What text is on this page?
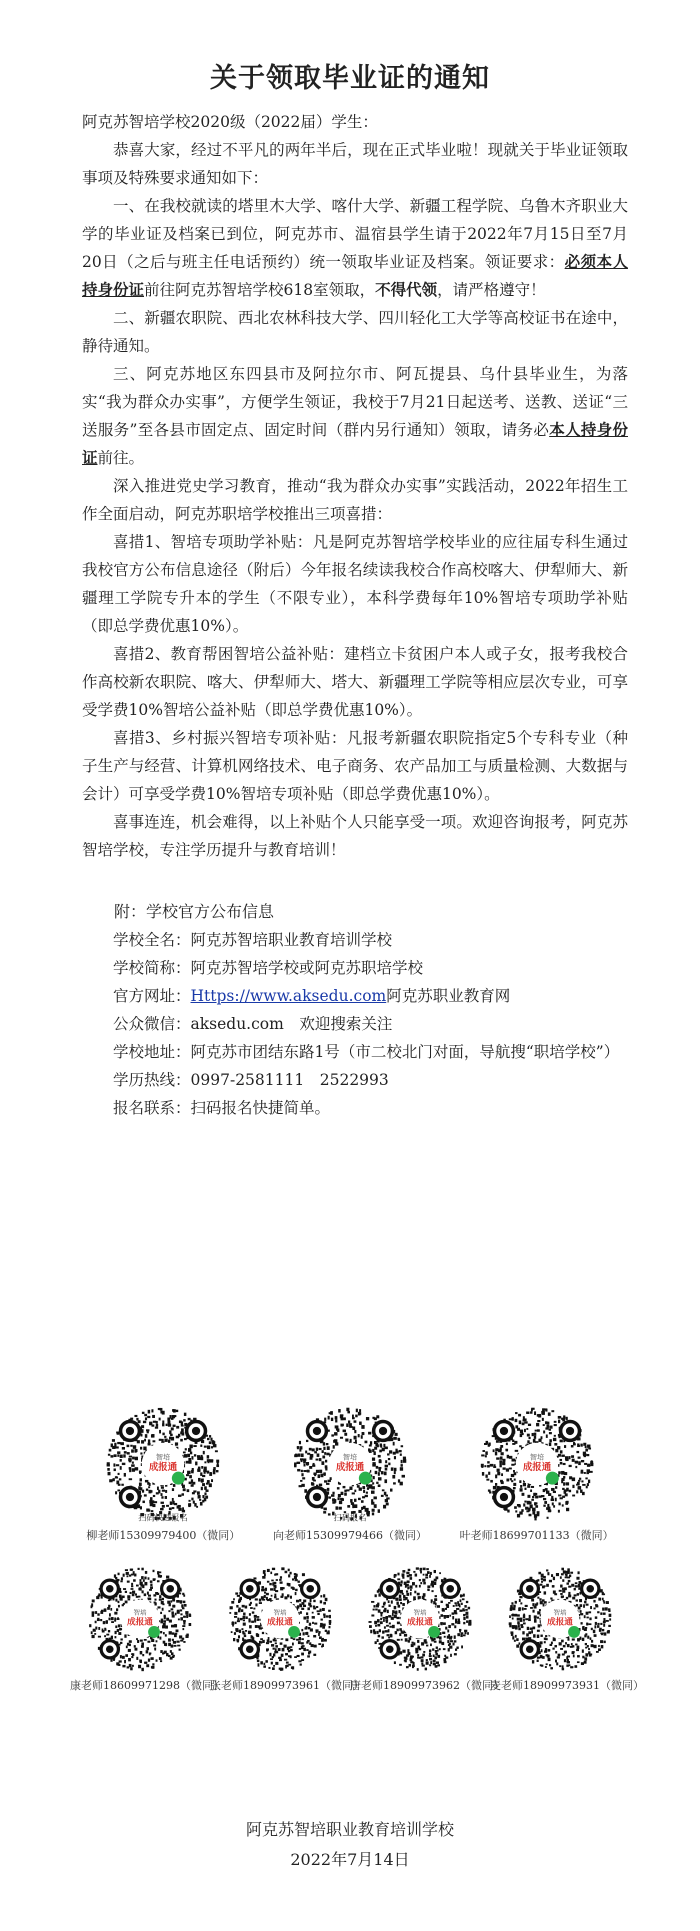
关于领取毕业证的通知

阿克苏智培学校2020级（2022届）学生：

恭喜大家，经过不平凡的两年半后，现在正式毕业啦！现就关于毕业证领取事项及特殊要求通知如下：

一、在我校就读的塔里木大学、喀什大学、新疆工程学院、乌鲁木齐职业大学的毕业证及档案已到位，阿克苏市、温宿县学生请于2022年7月15日至7月20日（之后与班主任电话预约）统一领取毕业证及档案。领证要求：必须本人持身份证前往阿克苏智培学校618室领取，不得代领，请严格遵守！

二、新疆农职院、西北农林科技大学、四川轻化工大学等高校证书在途中，静待通知。

三、阿克苏地区东四县市及阿拉尔市、阿瓦提县、乌什县毕业生，为落实“我为群众办实事”，方便学生领证，我校于7月21日起送考、送教、送证“三送服务”至各县市固定点、固定时间（群内另行通知）领取，请务必本人持身份证前往。

深入推进党史学习教育，推动“我为群众办实事”实践活动，2022年招生工作全面启动，阿克苏职培学校推出三项喜措：

喜措1、智培专项助学补贴：凡是阿克苏智培学校毕业的应往届专科生通过我校官方公布信息途径（附后）今年报名续读我校合作高校喀大、伊犁师大、新疆理工学院专升本的学生（不限专业），本科学费每年10%智培专项助学补贴（即总学费优惠10%）。

喜措2、教育帮困智培公益补贴：建档立卡贫困户本人或子女，报考我校合作高校新农职院、喀大、伊犁师大、塔大、新疆理工学院等相应层次专业，可享受学费10%智培公益补贴（即总学费优惠10%）。

喜措3、乡村振兴智培专项补贴：凡报考新疆农职院指定5个专科专业（种子生产与经营、计算机网络技术、电子商务、农产品加工与质量检测、大数据与会计）可享受学费10%智培专项补贴（即总学费优惠10%）。

喜事连连，机会难得，以上补贴个人只能享受一项。欢迎咨询报考，阿克苏智培学校，专注学历提升与教育培训！

附：学校官方公布信息

学校全名：阿克苏智培职业教育培训学校

学校简称：阿克苏智培学校或阿克苏职培学校

官方网址：Https://www.aksedu.com阿克苏职业教育网

公众微信：aksedu.com　 欢迎搜索关注

学校地址：阿克苏市团结东路1号（市二校北门对面，导航搜“职培学校”）

学历热线：0997-2581111　2522993

报名联系：扫码报名快捷简单。

智培
成报通
扫码快速报名
柳老师15309979400（微同）
智培
成报通
扫码报名
向老师15309979466（微同）
智培
成报通
叶老师18699701133（微同）
智培
成报通
康老师18609971298（微同）
智培
成报通
张老师18909973961（微同）
智培
成报通
唐老师18909973962（微同）
智培
成报通
麦老师18909973931（微同）
阿克苏智培职业教育培训学校
2022年7月14日
